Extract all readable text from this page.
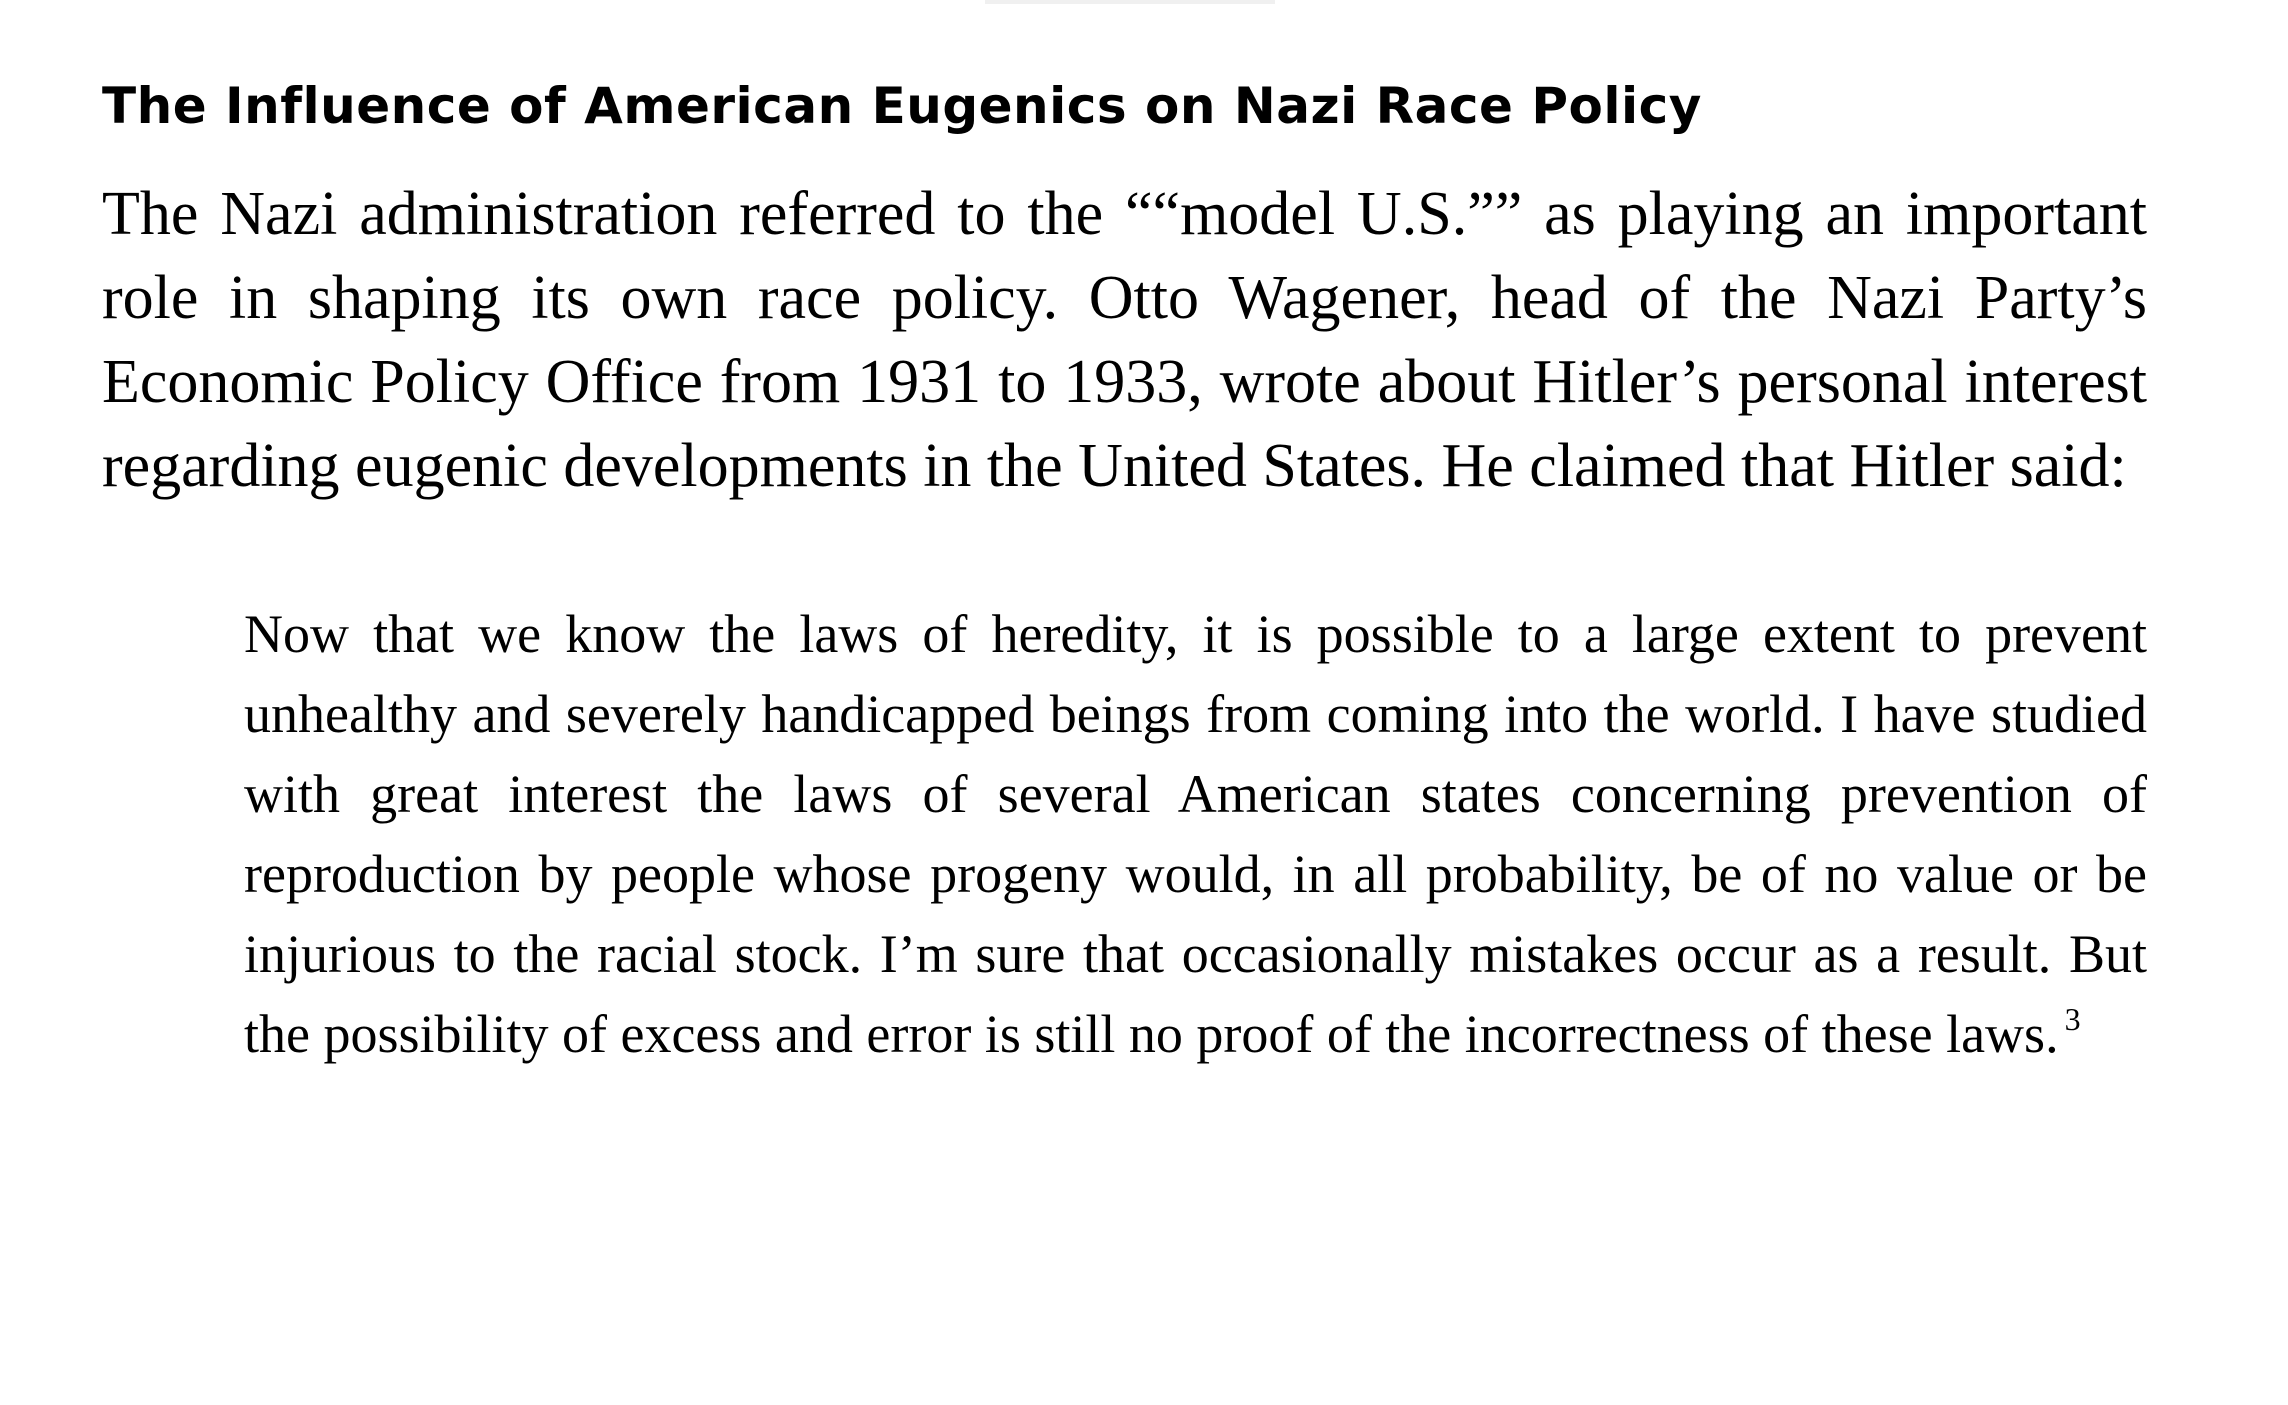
The Influence of American Eugenics on Nazi Race Policy

The Nazi administration referred to the ““model U.S.”” as playing an important role in shaping its own race policy. Otto Wagener, head of the Nazi Party’s Economic Policy Office from 1931 to 1933, wrote about Hitler’s personal interest regarding eugenic developments in the United States. He claimed that Hitler said:

Now that we know the laws of heredity, it is possible to a large extent to prevent unhealthy and severely handicapped beings from coming into the world. I have studied with great interest the laws of several American states concerning prevention of reproduction by people whose progeny would, in all probability, be of no value or be injurious to the racial stock. I’m sure that occasionally mistakes occur as a result. But the possibility of excess and error is still no proof of the incorrectness of these laws. $^3$
